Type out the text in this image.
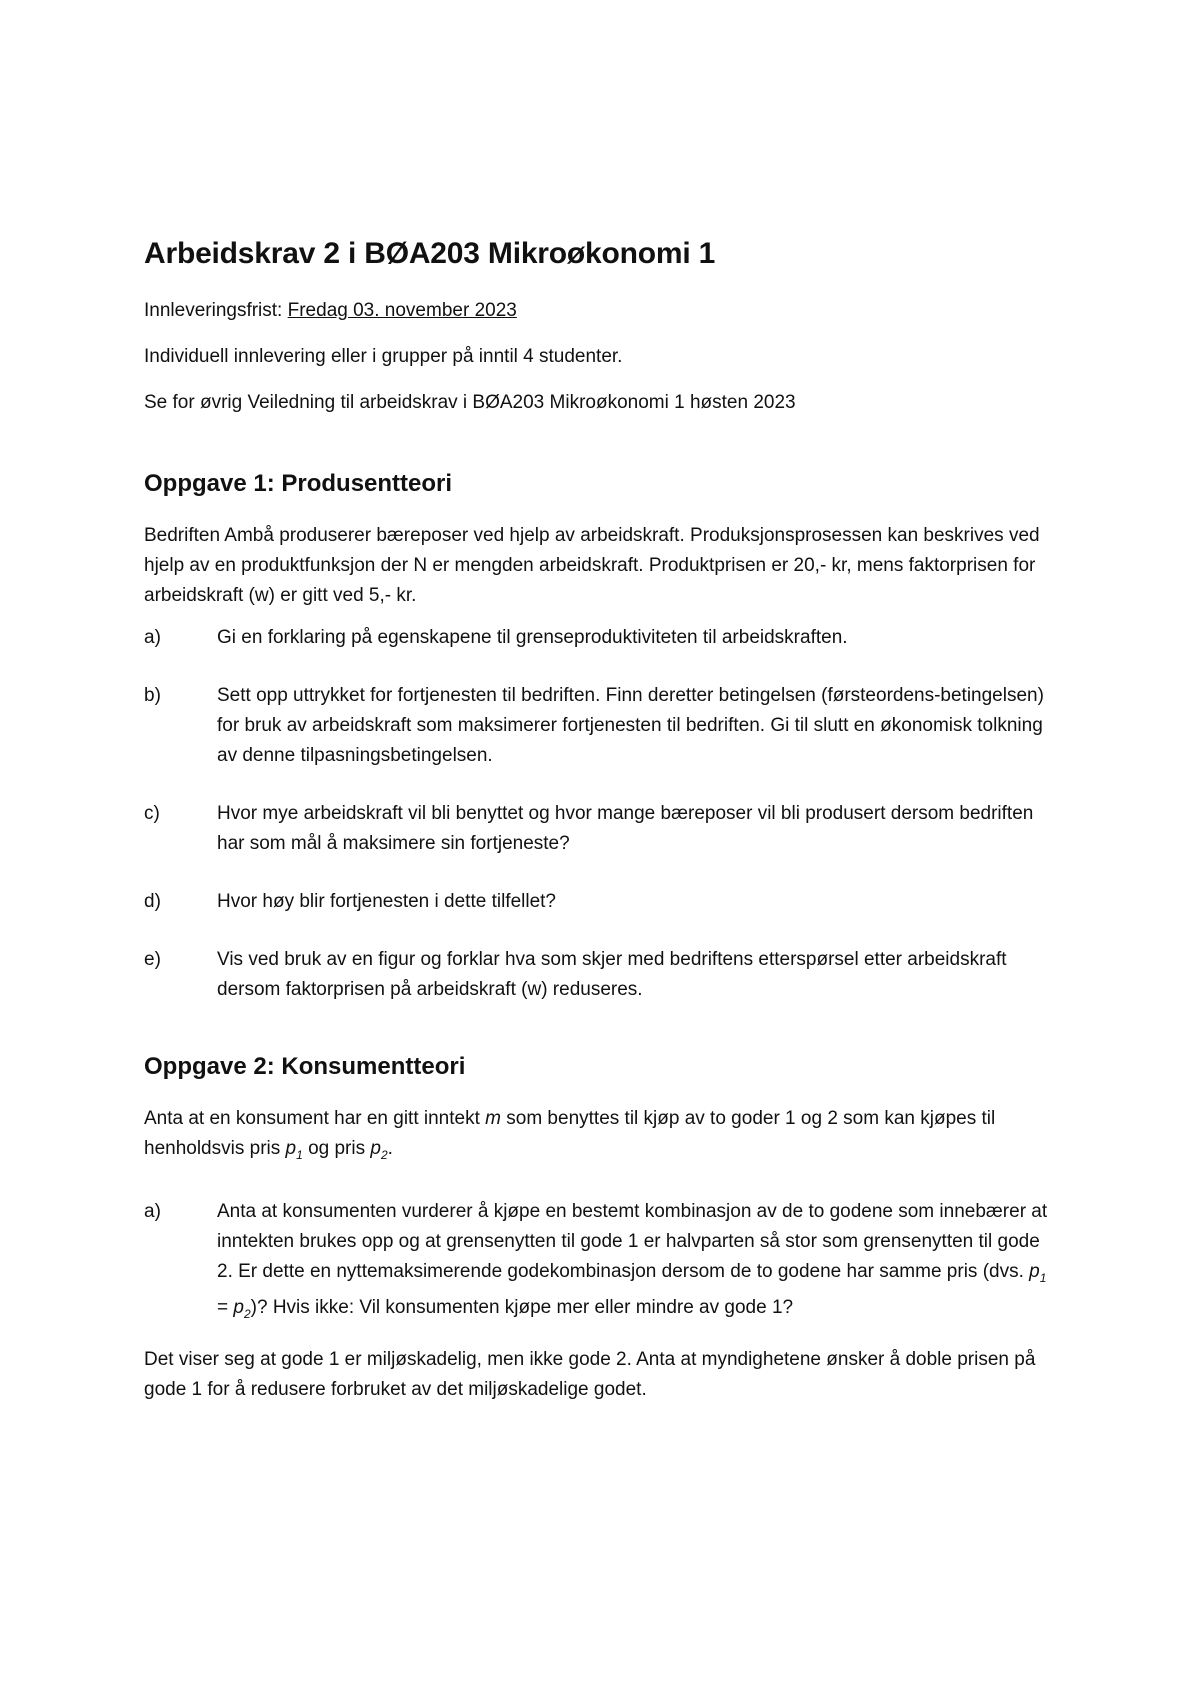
Arbeidskrav 2 i BØA203 Mikroøkonomi 1

Innleveringsfrist: Fredag 03. november 2023

Individuell innlevering eller i grupper på inntil 4 studenter.

Se for øvrig Veiledning til arbeidskrav i BØA203 Mikroøkonomi 1 høsten 2023

Oppgave 1: Produsentteori

Bedriften Ambå produserer bæreposer ved hjelp av arbeidskraft. Produksjonsprosessen kan beskrives ved hjelp av en produktfunksjon der N er mengden arbeidskraft. Produktprisen er 20,- kr, mens faktorprisen for arbeidskraft (w) er gitt ved 5,- kr.

a)	Gi en forklaring på egenskapene til grenseproduktiviteten til arbeidskraften.
b)	Sett opp uttrykket for fortjenesten til bedriften. Finn deretter betingelsen (førsteordens-betingelsen) for bruk av arbeidskraft som maksimerer fortjenesten til bedriften. Gi til slutt en økonomisk tolkning av denne tilpasningsbetingelsen.
c)	Hvor mye arbeidskraft vil bli benyttet og hvor mange bæreposer vil bli produsert dersom bedriften har som mål å maksimere sin fortjeneste?
d)	Hvor høy blir fortjenesten i dette tilfellet?
e)	Vis ved bruk av en figur og forklar hva som skjer med bedriftens etterspørsel etter arbeidskraft dersom faktorprisen på arbeidskraft (w) reduseres.
Oppgave 2: Konsumentteori

Anta at en konsument har en gitt inntekt m som benyttes til kjøp av to goder 1 og 2 som kan kjøpes til henholdsvis pris $p_1$ og pris $p_2$.

a)	Anta at konsumenten vurderer å kjøpe en bestemt kombinasjon av de to godene som innebærer at inntekten brukes opp og at grensenytten til gode 1 er halvparten så stor som grensenytten til gode 2. Er dette en nyttemaksimerende godekombinasjon dersom de to godene har samme pris (dvs. $p_1 = p_2$)? Hvis ikke: Vil konsumenten kjøpe mer eller mindre av gode 1?

Det viser seg at gode 1 er miljøskadelig, men ikke gode 2. Anta at myndighetene ønsker å doble prisen på gode 1 for å redusere forbruket av det miljøskadelige godet.
